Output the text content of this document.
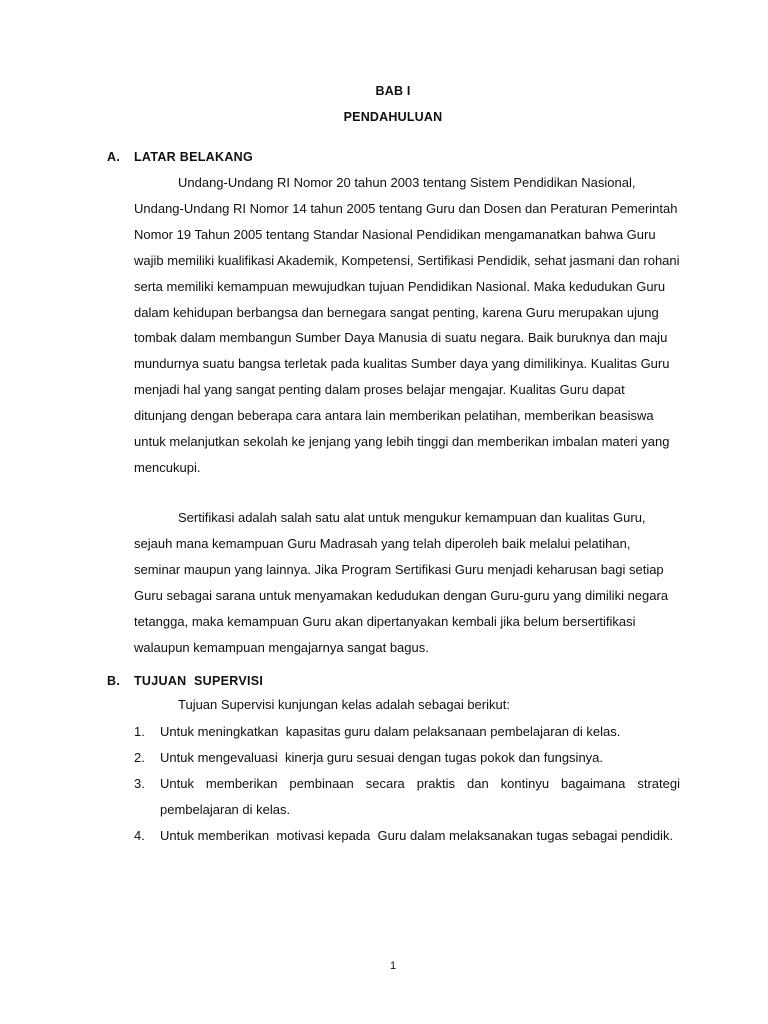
BAB I
PENDAHULUAN
A. LATAR BELAKANG

Undang-Undang RI Nomor 20 tahun 2003 tentang Sistem Pendidikan Nasional, Undang-Undang RI Nomor 14 tahun 2005 tentang Guru dan Dosen dan Peraturan Pemerintah Nomor 19 Tahun 2005 tentang Standar Nasional Pendidikan mengamanatkan bahwa Guru wajib memiliki kualifikasi Akademik, Kompetensi, Sertifikasi Pendidik, sehat jasmani dan rohani serta memiliki kemampuan mewujudkan tujuan Pendidikan Nasional. Maka kedudukan Guru dalam kehidupan berbangsa dan bernegara sangat penting, karena Guru merupakan ujung tombak dalam membangun Sumber Daya Manusia di suatu negara. Baik buruknya dan maju mundurnya suatu bangsa terletak pada kualitas Sumber daya yang dimilikinya. Kualitas Guru menjadi hal yang sangat penting dalam proses belajar mengajar. Kualitas Guru dapat ditunjang dengan beberapa cara antara lain memberikan pelatihan, memberikan beasiswa untuk melanjutkan sekolah ke jenjang yang lebih tinggi dan memberikan imbalan materi yang mencukupi.

Sertifikasi adalah salah satu alat untuk mengukur kemampuan dan kualitas Guru, sejauh mana kemampuan Guru Madrasah yang telah diperoleh baik melalui pelatihan, seminar maupun yang lainnya. Jika Program Sertifikasi Guru menjadi keharusan bagi setiap Guru sebagai sarana untuk menyamakan kedudukan dengan Guru-guru yang dimiliki negara tetangga, maka kemampuan Guru akan dipertanyakan kembali jika belum bersertifikasi walaupun kemampuan mengajarnya sangat bagus.

B. TUJUAN  SUPERVISI
Tujuan Supervisi kunjungan kelas adalah sebagai berikut:
1.	Untuk meningkatkan  kapasitas guru dalam pelaksanaan pembelajaran di kelas.
2.	Untuk mengevaluasi  kinerja guru sesuai dengan tugas pokok dan fungsinya.
3.	Untuk memberikan pembinaan secara praktis dan kontinyu bagaimana strategi pembelajaran di kelas.
4.	Untuk memberikan  motivasi kepada  Guru dalam melaksanakan tugas sebagai pendidik.
1
